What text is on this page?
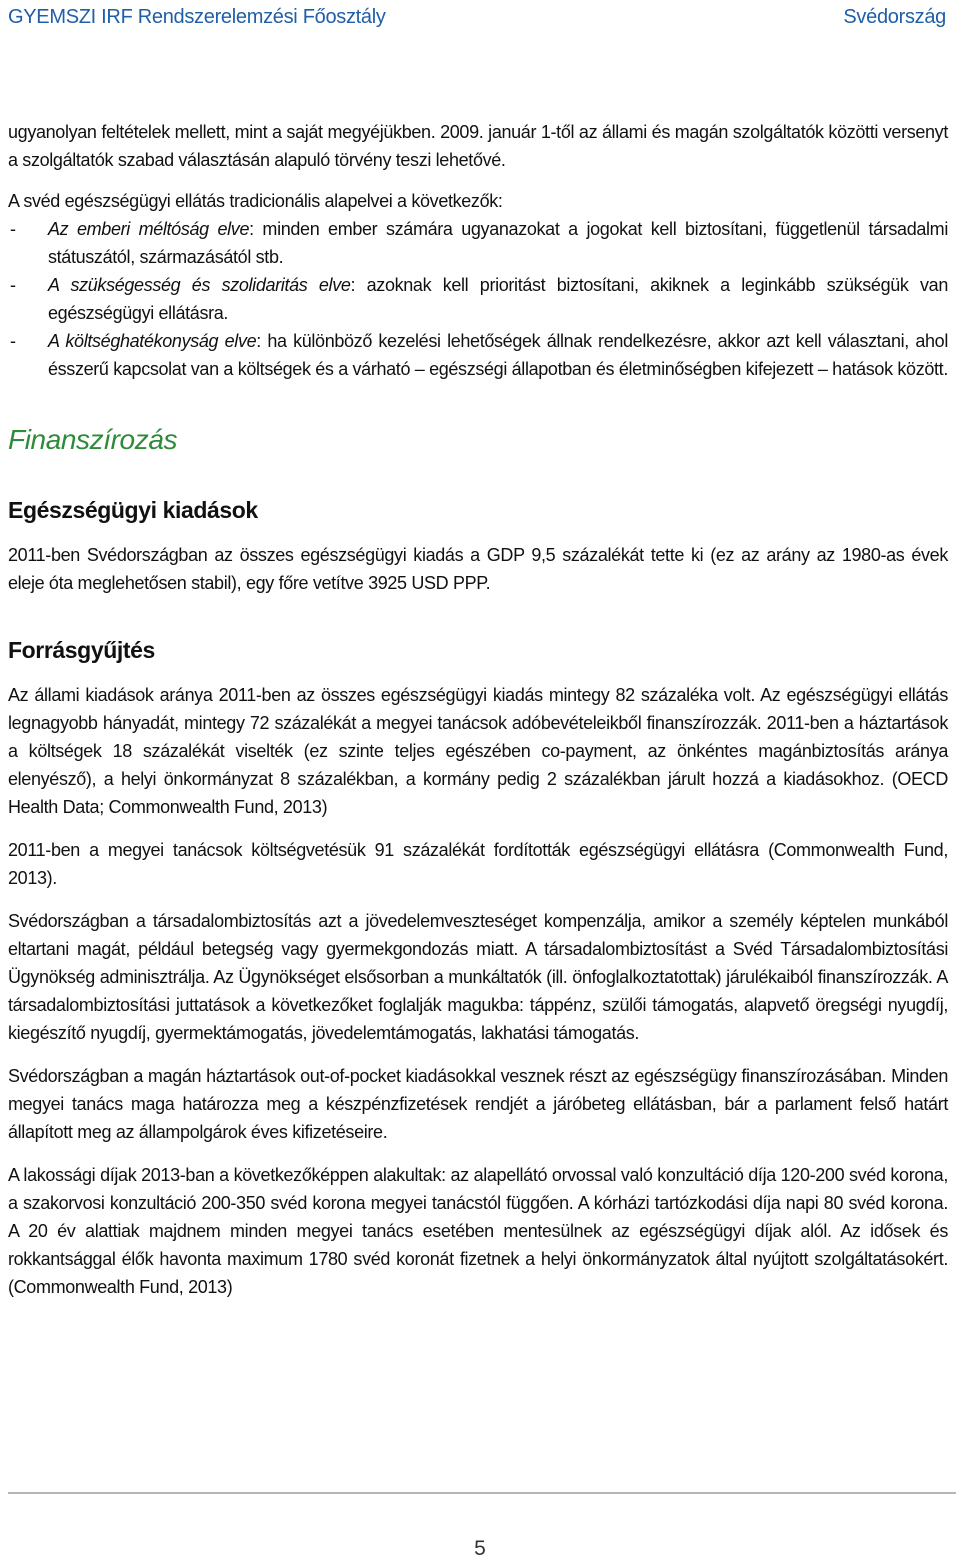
GYEMSZI IRF Rendszerelemzési Főosztály	Svédország

ugyanolyan feltételek mellett, mint a saját megyéjükben. 2009. január 1-től az állami és magán szolgáltatók közötti versenyt a szolgáltatók szabad választásán alapuló törvény teszi lehetővé.

A svéd egészségügyi ellátás tradicionális alapelvei a következők:

-	Az emberi méltóság elve: minden ember számára ugyanazokat a jogokat kell biztosítani, függetlenül társadalmi státuszától, származásától stb.
-	A szükségesség és szolidaritás elve: azoknak kell prioritást biztosítani, akiknek a leginkább szükségük van egészségügyi ellátásra.
-	A költséghatékonyság elve: ha különböző kezelési lehetőségek állnak rendelkezésre, akkor azt kell választani, ahol ésszerű kapcsolat van a költségek és a várható – egészségi állapotban és életminőségben kifejezett – hatások között.
Finanszírozás
Egészségügyi kiadások

2011-ben Svédországban az összes egészségügyi kiadás a GDP 9,5 százalékát tette ki (ez az arány az 1980-as évek eleje óta meglehetősen stabil), egy főre vetítve 3925 USD PPP.

Forrásgyűjtés

Az állami kiadások aránya 2011-ben az összes egészségügyi kiadás mintegy 82 százaléka volt. Az egészségügyi ellátás legnagyobb hányadát, mintegy 72 százalékát a megyei tanácsok adóbevételeikből finanszírozzák. 2011-ben a háztartások a költségek 18 százalékát viselték (ez szinte teljes egészében co-payment, az önkéntes magánbiztosítás aránya elenyésző), a helyi önkormányzat 8 százalékban, a kormány pedig 2 százalékban járult hozzá a kiadásokhoz. (OECD Health Data; Commonwealth Fund, 2013)

2011-ben a megyei tanácsok költségvetésük 91 százalékát fordították egészségügyi ellátásra (Commonwealth Fund, 2013).

Svédországban a társadalombiztosítás azt a jövedelemveszteséget kompenzálja, amikor a személy képtelen munkából eltartani magát, például betegség vagy gyermekgondozás miatt. A társadalombiztosítást a Svéd Társadalombiztosítási Ügynökség adminisztrálja. Az Ügynökséget elsősorban a munkáltatók (ill. önfoglalkoztatottak) járulékaiból finanszírozzák. A társadalombiztosítási juttatások a következőket foglalják magukba: táppénz, szülői támogatás, alapvető öregségi nyugdíj, kiegészítő nyugdíj, gyermektámogatás, jövedelemtámogatás, lakhatási támogatás.

Svédországban a magán háztartások out-of-pocket kiadásokkal vesznek részt az egészségügy finanszírozásában. Minden megyei tanács maga határozza meg a készpénzfizetések rendjét a járóbeteg ellátásban, bár a parlament felső határt állapított meg az állampolgárok éves kifizetéseire.

A lakossági díjak 2013-ban a következőképpen alakultak: az alapellátó orvossal való konzultáció díja 120-200 svéd korona, a szakorvosi konzultáció 200-350 svéd korona megyei tanácstól függően. A kórházi tartózkodási díja napi 80 svéd korona. A 20 év alattiak majdnem minden megyei tanács esetében mentesülnek az egészségügyi díjak alól. Az idősek és rokkantsággal élők havonta maximum 1780 svéd koronát fizetnek a helyi önkormányzatok által nyújtott szolgáltatásokért. (Commonwealth Fund, 2013)

5
